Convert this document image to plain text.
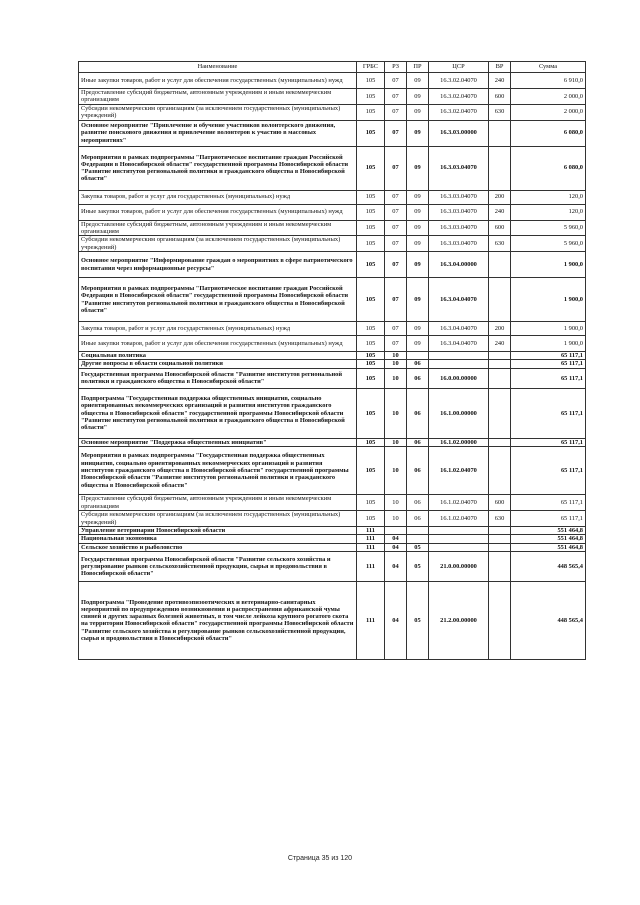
Наименование	ГРБС	РЗ	ПР	ЦСР	ВР	Сумма
Иные закупки товаров, работ и услуг для обеспечения государственных (муниципальных) нужд	105	07	09	16.3.02.04070	240	6 910,0
Предоставление субсидий бюджетным, автономным учреждениям и иным некоммерческим организациям	105	07	09	16.3.02.04070	600	2 000,0
Субсидии некоммерческим организациям (за исключением государственных (муниципальных) учреждений)	105	07	09	16.3.02.04070	630	2 000,0
Основное мероприятие "Привлечение и обучение участников волонтерского движения, развитие поискового движения и привлечение волонтеров к участию в массовых мероприятиях"	105	07	09	16.3.03.00000		6 080,0
Мероприятия в рамках подпрограммы "Патриотическое воспитание граждан Российской Федерации в Новосибирской области" государственной программы Новосибирской области "Развитие институтов региональной политики и гражданского общества в Новосибирской области"	105	07	09	16.3.03.04070		6 080,0
Закупка товаров, работ и услуг для государственных (муниципальных) нужд	105	07	09	16.3.03.04070	200	120,0
Иные закупки товаров, работ и услуг для обеспечения государственных (муниципальных) нужд	105	07	09	16.3.03.04070	240	120,0
Предоставление субсидий бюджетным, автономным учреждениям и иным некоммерческим организациям	105	07	09	16.3.03.04070	600	5 960,0
Субсидии некоммерческим организациям (за исключением государственных (муниципальных) учреждений)	105	07	09	16.3.03.04070	630	5 960,0
Основное мероприятие "Информирование граждан о мероприятиях в сфере патриотического воспитания через информационные ресурсы"	105	07	09	16.3.04.00000		1 900,0
Мероприятия в рамках подпрограммы "Патриотическое воспитание граждан Российской Федерации в Новосибирской области" государственной программы Новосибирской области "Развитие институтов региональной политики и гражданского общества в Новосибирской области"	105	07	09	16.3.04.04070		1 900,0
Закупка товаров, работ и услуг для государственных (муниципальных) нужд	105	07	09	16.3.04.04070	200	1 900,0
Иные закупки товаров, работ и услуг для обеспечения государственных (муниципальных) нужд	105	07	09	16.3.04.04070	240	1 900,0
Социальная политика	105	10				65 117,1
Другие вопросы в области социальной политики	105	10	06			65 117,1
Государственная программа Новосибирской области "Развитие институтов региональной политики и гражданского общества в Новосибирской области"	105	10	06	16.0.00.00000		65 117,1
Подпрограмма "Государственная поддержка общественных инициатив, социально ориентированных некоммерческих организаций и развития институтов гражданского общества в Новосибирской области" государственной программы Новосибирской области "Развитие институтов региональной политики и гражданского общества в Новосибирской области"	105	10	06	16.1.00.00000		65 117,1
Основное мероприятие "Поддержка общественных инициатив"	105	10	06	16.1.02.00000		65 117,1
Мероприятия в рамках подпрограммы "Государственная поддержка общественных инициатив, социально ориентированных некоммерческих организаций и развития институтов гражданского общества в Новосибирской области" государственной программы Новосибирской области "Развитие институтов региональной политики и гражданского общества в Новосибирской области"	105	10	06	16.1.02.04070		65 117,1
Предоставление субсидий бюджетным, автономным учреждениям и иным некоммерческим организациям	105	10	06	16.1.02.04070	600	65 117,1
Субсидии некоммерческим организациям (за исключением государственных (муниципальных) учреждений)	105	10	06	16.1.02.04070	630	65 117,1
Управление ветеринарии Новосибирской области	111					551 464,8
Национальная экономика	111	04				551 464,8
Сельское хозяйство и рыболовство	111	04	05			551 464,8
Государственная программа Новосибирской области "Развитие сельского хозяйства и регулирование рынков сельскохозяйственной продукции, сырья и продовольствия в Новосибирской области"	111	04	05	21.0.00.00000		448 565,4
Подпрограмма "Проведение противоэпизоотических и ветеринарно-санитарных мероприятий по предупреждению возникновения и распространения африканской чумы свиней и других заразных болезней животных, в том числе лейкоза крупного рогатого скота на территории Новосибирской области" государственной программы Новосибирской области "Развитие сельского хозяйства и регулирование рынков сельскохозяйственной продукции, сырья и продовольствия в Новосибирской области"	111	04	05	21.2.00.00000		448 565,4
Страница 35 из 120
